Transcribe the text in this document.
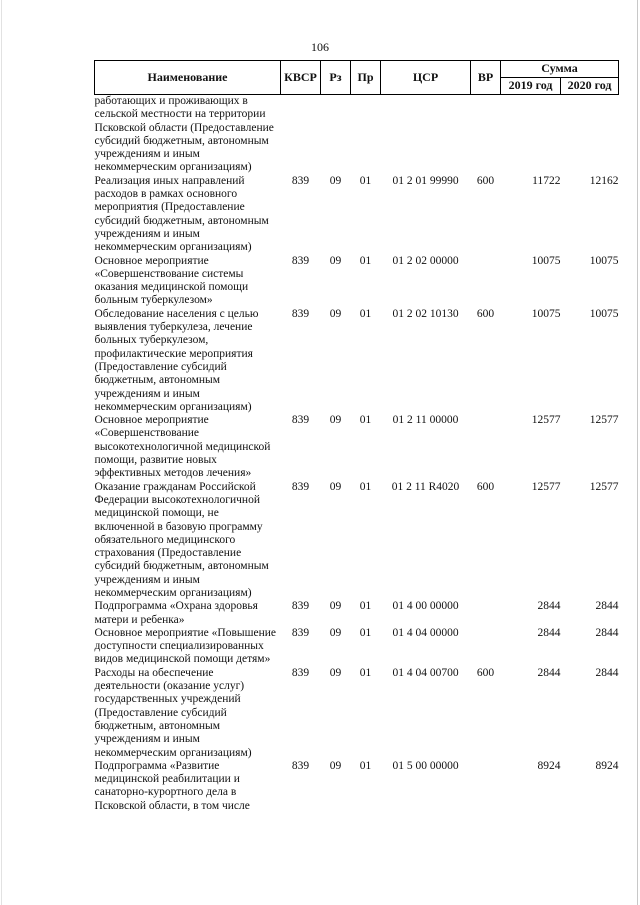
106
Наименование	КВСР	Рз	Пр	ЦСР	ВР	Сумма	
						2019 год	2020 год
работающих и проживающих в сельской местности на территории Псковской области (Предоставление субсидий бюджетным, автономным учреждениям и иным некоммерческим организациям)							
Реализация иных направлений расходов в рамках основного мероприятия (Предоставление субсидий бюджетным, автономным учреждениям и иным некоммерческим организациям)	839	09	01	01 2 01 99990	600	11722	12162
Основное мероприятие «Совершенствование системы оказания медицинской помощи больным туберкулезом»	839	09	01	01 2 02 00000		10075	10075
Обследование населения с целью выявления туберкулеза, лечение больных туберкулезом, профилактические мероприятия (Предоставление субсидий бюджетным, автономным учреждениям и иным некоммерческим организациям)	839	09	01	01 2 02 10130	600	10075	10075
Основное мероприятие «Совершенствование высокотехнологичной медицинской помощи, развитие новых эффективных методов лечения»	839	09	01	01 2 11 00000		12577	12577
Оказание гражданам Российской Федерации высокотехнологичной медицинской помощи, не включенной в базовую программу обязательного медицинского страхования (Предоставление субсидий бюджетным, автономным учреждениям и иным некоммерческим организациям)	839	09	01	01 2 11 R4020	600	12577	12577
Подпрограмма «Охрана здоровья матери и ребенка»	839	09	01	01 4 00 00000		2844	2844
Основное мероприятие «Повышение доступности специализированных видов медицинской помощи детям»	839	09	01	01 4 04 00000		2844	2844
Расходы на обеспечение деятельности (оказание услуг) государственных учреждений (Предоставление субсидий бюджетным, автономным учреждениям и иным некоммерческим организациям)	839	09	01	01 4 04 00700	600	2844	2844
Подпрограмма «Развитие медицинской реабилитации и санаторно-курортного дела в Псковской области, в том числе	839	09	01	01 5 00 00000		8924	8924
